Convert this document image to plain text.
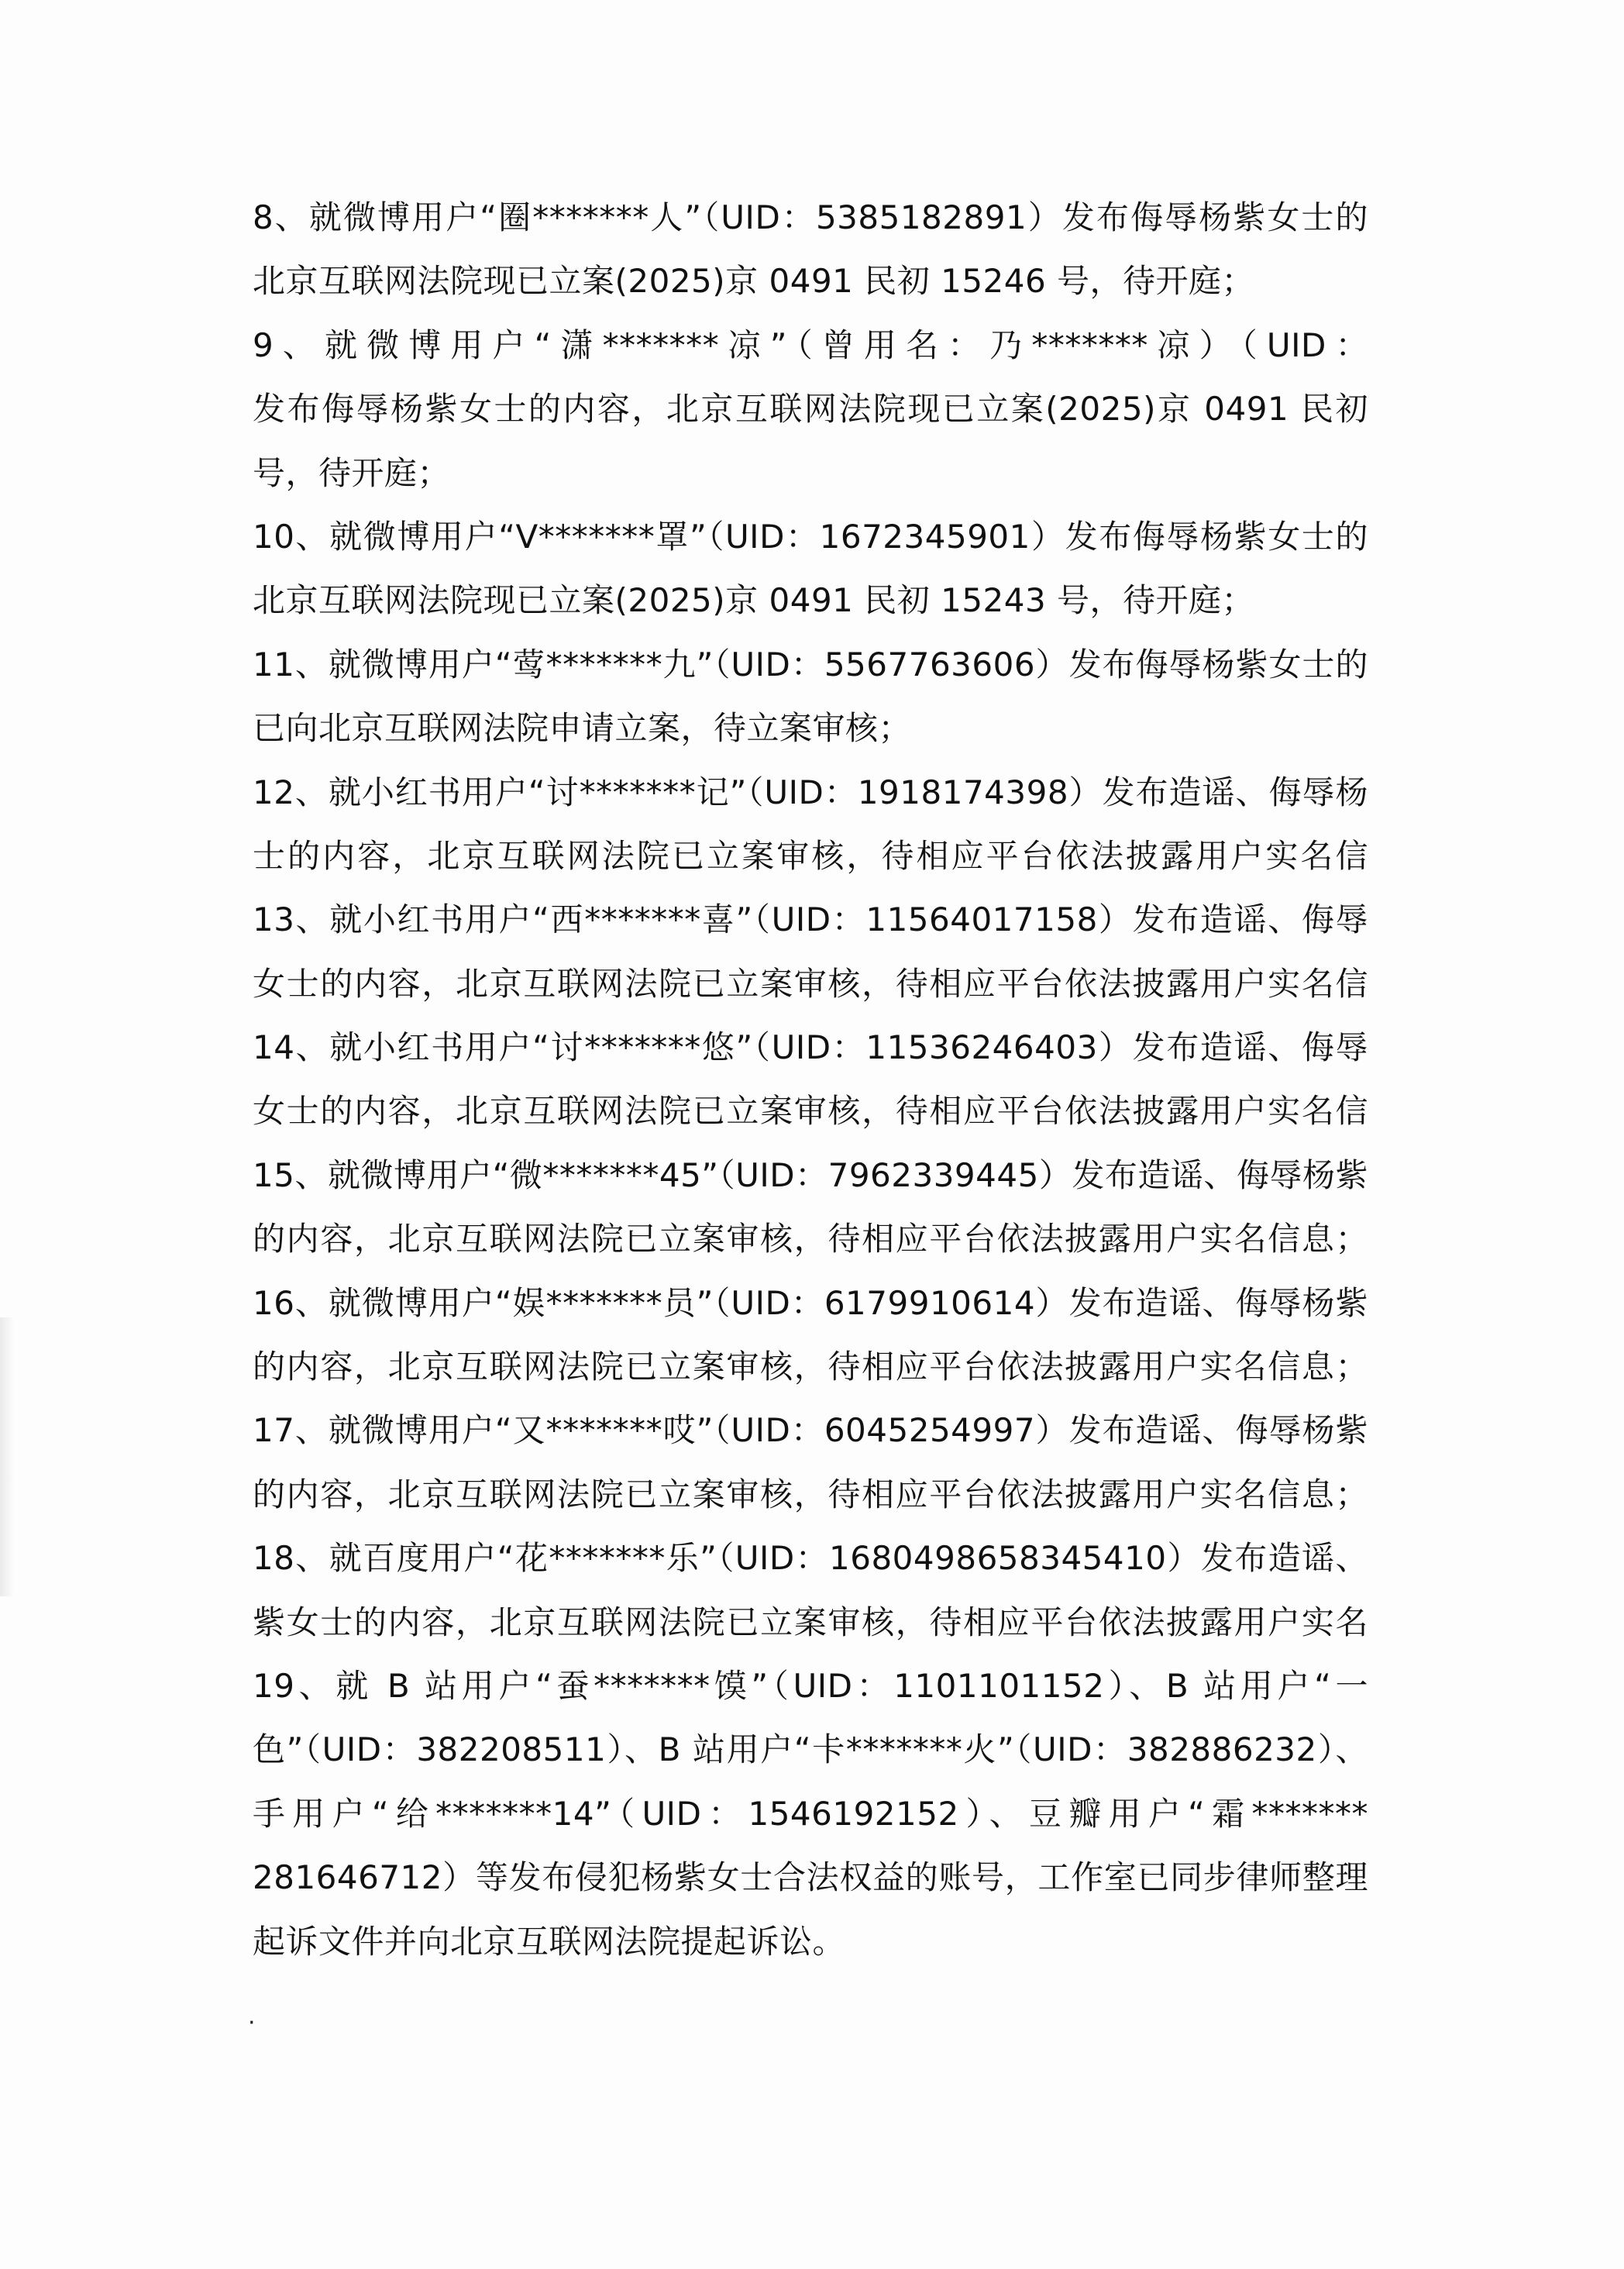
8、就微博用户“圈*******人”（UID：5385182891）发布侮辱杨紫女士的
北京互联网法院现已立案(2025)京 0491 民初 15246 号，待开庭；
9、就微博用户“潇*******凉”（曾用名：乃*******凉）（UID：
发布侮辱杨紫女士的内容，北京互联网法院现已立案(2025)京 0491 民初
号，待开庭；
10、就微博用户“V*******罩”（UID：1672345901）发布侮辱杨紫女士的
北京互联网法院现已立案(2025)京 0491 民初 15243 号，待开庭；
11、就微博用户“莺*******九”（UID：5567763606）发布侮辱杨紫女士的
已向北京互联网法院申请立案，待立案审核；
12、就小红书用户“讨*******记”（UID：1918174398）发布造谣、侮辱杨
士的内容，北京互联网法院已立案审核，待相应平台依法披露用户实名信
13、就小红书用户“西*******喜”（UID：11564017158）发布造谣、侮辱
女士的内容，北京互联网法院已立案审核，待相应平台依法披露用户实名信
14、就小红书用户“讨*******悠”（UID：11536246403）发布造谣、侮辱
女士的内容，北京互联网法院已立案审核，待相应平台依法披露用户实名信
15、就微博用户“微*******45”（UID：7962339445）发布造谣、侮辱杨紫
的内容，北京互联网法院已立案审核，待相应平台依法披露用户实名信息；
16、就微博用户“娱*******员”（UID：6179910614）发布造谣、侮辱杨紫
的内容，北京互联网法院已立案审核，待相应平台依法披露用户实名信息；
17、就微博用户“又*******哎”（UID：6045254997）发布造谣、侮辱杨紫
的内容，北京互联网法院已立案审核，待相应平台依法披露用户实名信息；
18、就百度用户“花*******乐”（UID：1680498658345410）发布造谣、
紫女士的内容，北京互联网法院已立案审核，待相应平台依法披露用户实名
19、就 B 站用户“蚕*******馍”（UID：1101101152）、B 站用户“一
色”（UID：382208511）、B 站用户“卡*******火”（UID：382886232）、
手用户“给*******14”（UID：1546192152）、豆瓣用户“霜*******
281646712）等发布侵犯杨紫女士合法权益的账号，工作室已同步律师整理
起诉文件并向北京互联网法院提起诉讼。
·
